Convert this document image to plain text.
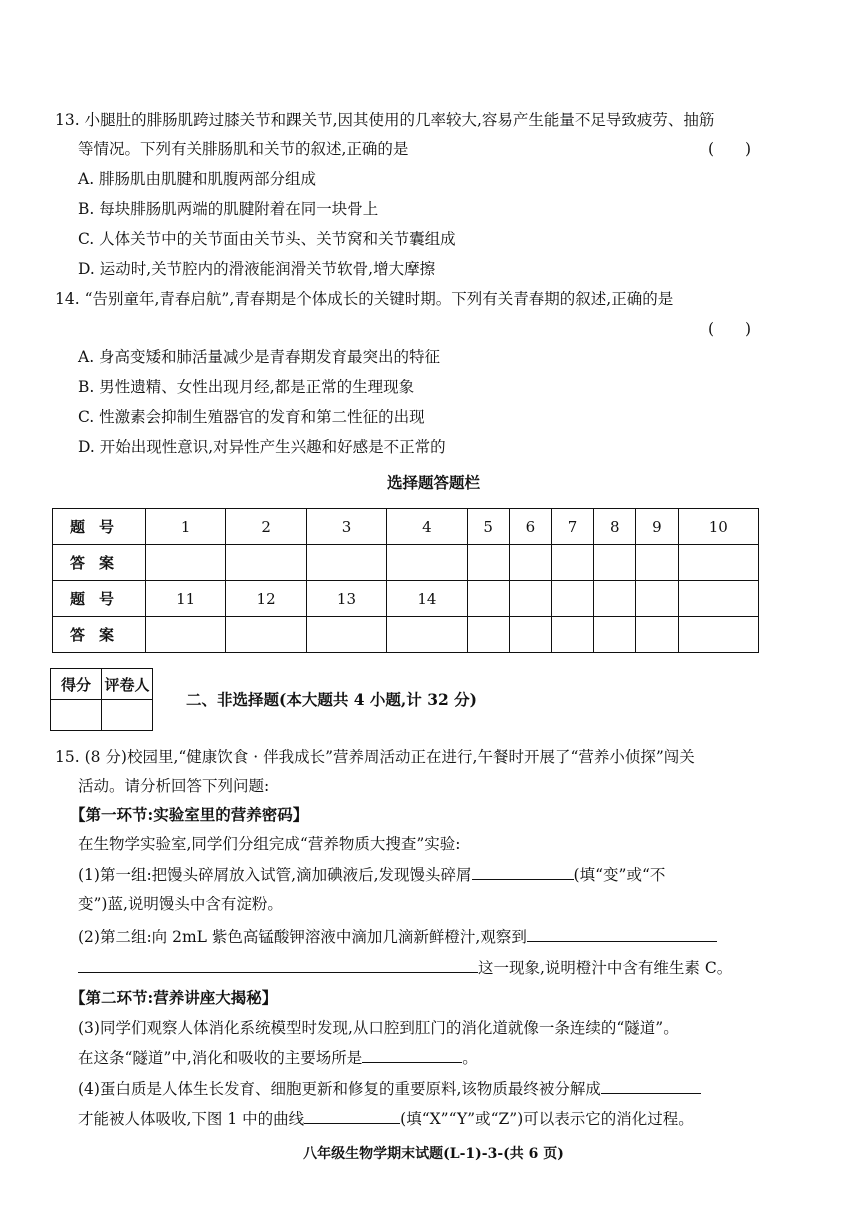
13. 小腿肚的腓肠肌跨过膝关节和踝关节,因其使用的几率较大,容易产生能量不足导致疲劳、抽筋
等情况。下列有关腓肠肌和关节的叙述,正确的是	(　　)
A. 腓肠肌由肌腱和肌腹两部分组成
B. 每块腓肠肌两端的肌腱附着在同一块骨上
C. 人体关节中的关节面由关节头、关节窝和关节囊组成
D. 运动时,关节腔内的滑液能润滑关节软骨,增大摩擦
14. “告别童年,青春启航”,青春期是个体成长的关键时期。下列有关青春期的叙述,正确的是
(　　)
A. 身高变矮和肺活量减少是青春期发育最突出的特征
B. 男性遗精、女性出现月经,都是正常的生理现象
C. 性激素会抑制生殖器官的发育和第二性征的出现
D. 开始出现性意识,对异性产生兴趣和好感是不正常的
选择题答题栏
题号	1	2	3	4	5	6	7	8	9	10
答案										
题号	11	12	13	14						
答案										
得分	评卷人

二、非选择题(本大题共 4 小题,计 32 分)
15. (8 分)校园里,“健康饮食 · 伴我成长”营养周活动正在进行,午餐时开展了“营养小侦探”闯关
活动。请分析回答下列问题:
【第一环节:实验室里的营养密码】
在生物学实验室,同学们分组完成“营养物质大搜查”实验:
(1)第一组:把馒头碎屑放入试管,滴加碘液后,发现馒头碎屑	(填“变”或“不
变”)蓝,说明馒头中含有淀粉。
(2)第二组:向 2mL 紫色高锰酸钾溶液中滴加几滴新鲜橙汁,观察到
这一现象,说明橙汁中含有维生素 C。
【第二环节:营养讲座大揭秘】
(3)同学们观察人体消化系统模型时发现,从口腔到肛门的消化道就像一条连续的“隧道”。
在这条“隧道”中,消化和吸收的主要场所是	。
(4)蛋白质是人体生长发育、细胞更新和修复的重要原料,该物质最终被分解成
才能被人体吸收,下图 1 中的曲线	(填“X”“Y”或“Z”)可以表示它的消化过程。
八年级生物学期末试题(L-1)-3-(共 6 页)
